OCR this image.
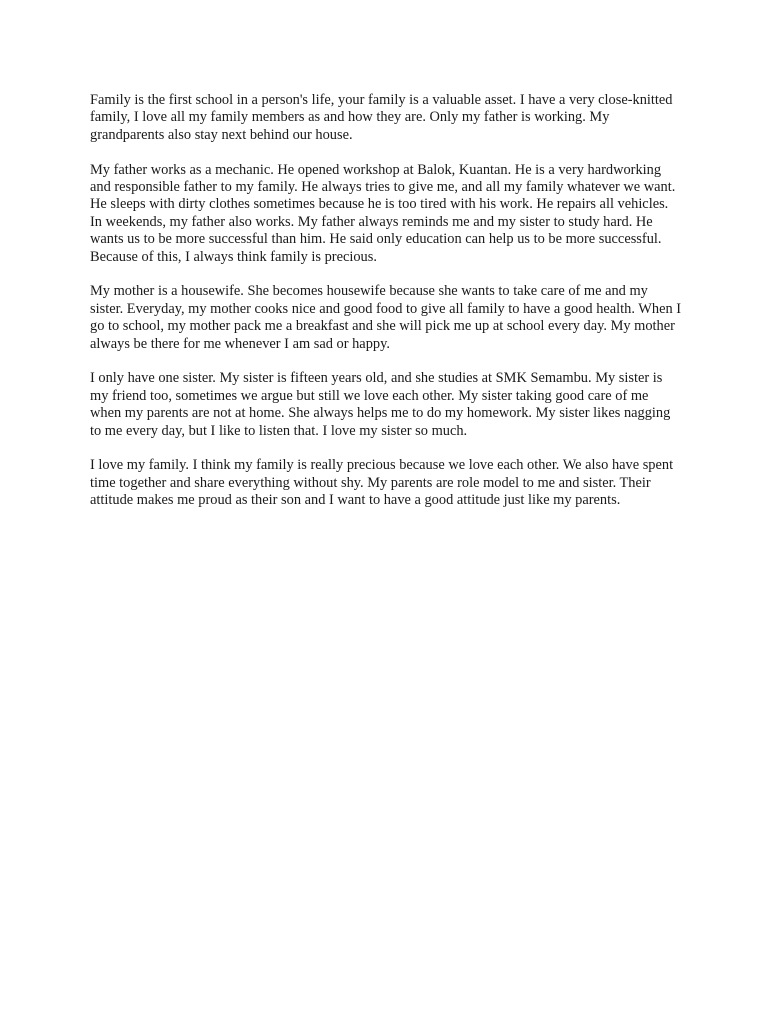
Family is the first school in a person's life, your family is a valuable asset. I have a very close-knitted family, I love all my family members as and how they are. Only my father is working. My grandparents also stay next behind our house.

My father works as a mechanic. He opened workshop at Balok, Kuantan. He is a very hardworking and responsible father to my family. He always tries to give me, and all my family whatever we want. He sleeps with dirty clothes sometimes because he is too tired with his work. He repairs all vehicles. In weekends, my father also works. My father always reminds me and my sister to study hard. He wants us to be more successful than him. He said only education can help us to be more successful. Because of this, I always think family is precious.

My mother is a housewife. She becomes housewife because she wants to take care of me and my sister. Everyday, my mother cooks nice and good food to give all family to have a good health. When I go to school, my mother pack me a breakfast and she will pick me up at school every day. My mother always be there for me whenever I am sad or happy.

I only have one sister. My sister is fifteen years old, and she studies at SMK Semambu. My sister is my friend too, sometimes we argue but still we love each other. My sister taking good care of me when my parents are not at home. She always helps me to do my homework. My sister likes nagging to me every day, but I like to listen that. I love my sister so much.

I love my family. I think my family is really precious because we love each other. We also have spent time together and share everything without shy. My parents are role model to me and sister. Their attitude makes me proud as their son and I want to have a good attitude just like my parents.
